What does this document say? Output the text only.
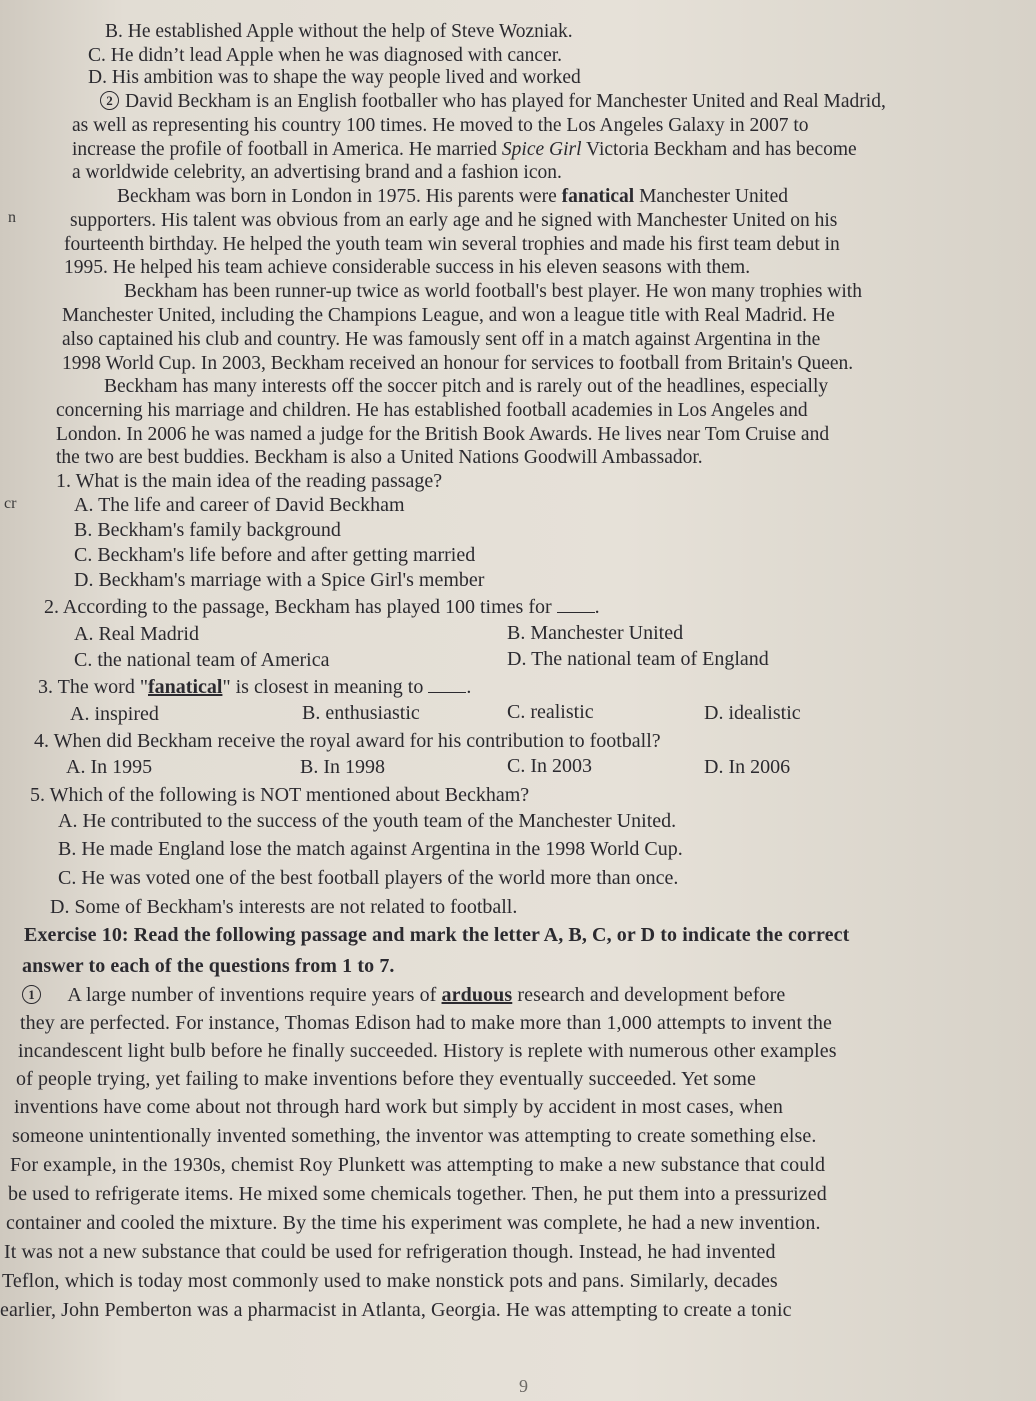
B. He established Apple without the help of Steve Wozniak.
C. He didn’t lead Apple when he was diagnosed with cancer.
D. His ambition was to shape the way people lived and worked
2 David Beckham is an English footballer who has played for Manchester United and Real Madrid,
as well as representing his country 100 times. He moved to the Los Angeles Galaxy in 2007 to
increase the profile of football in America. He married Spice Girl Victoria Beckham and has become
a worldwide celebrity, an advertising brand and a fashion icon.
Beckham was born in London in 1975. His parents were fanatical Manchester United
n	supporters. His talent was obvious from an early age and he signed with Manchester United on his
fourteenth birthday. He helped the youth team win several trophies and made his first team debut in
1995. He helped his team achieve considerable success in his eleven seasons with them.
Beckham has been runner-up twice as world football's best player. He won many trophies with
Manchester United, including the Champions League, and won a league title with Real Madrid. He
also captained his club and country. He was famously sent off in a match against Argentina in the
1998 World Cup. In 2003, Beckham received an honour for services to football from Britain's Queen.
Beckham has many interests off the soccer pitch and is rarely out of the headlines, especially
concerning his marriage and children. He has established football academies in Los Angeles and
London. In 2006 he was named a judge for the British Book Awards. He lives near Tom Cruise and
the two are best buddies. Beckham is also a United Nations Goodwill Ambassador.
1. What is the main idea of the reading passage?
cr	A. The life and career of David Beckham
B. Beckham's family background
C. Beckham's life before and after getting married
D. Beckham's marriage with a Spice Girl's member
2. According to the passage, Beckham has played 100 times for .
A. Real Madrid	B. Manchester United
C. the national team of America	D. The national team of England
3. The word "fanatical" is closest in meaning to .
A. inspired	B. enthusiastic	C. realistic	D. idealistic
4. When did Beckham receive the royal award for his contribution to football?
A. In 1995	B. In 1998	C. In 2003	D. In 2006
5. Which of the following is NOT mentioned about Beckham?
A. He contributed to the success of the youth team of the Manchester United.
B. He made England lose the match against Argentina in the 1998 World Cup.
C. He was voted one of the best football players of the world more than once.
D. Some of Beckham's interests are not related to football.
Exercise 10: Read the following passage and mark the letter A, B, C, or D to indicate the correct
answer to each of the questions from 1 to 7.
1 A large number of inventions require years of arduous research and development before
they are perfected. For instance, Thomas Edison had to make more than 1,000 attempts to invent the
incandescent light bulb before he finally succeeded. History is replete with numerous other examples
of people trying, yet failing to make inventions before they eventually succeeded. Yet some
inventions have come about not through hard work but simply by accident in most cases, when
someone unintentionally invented something, the inventor was attempting to create something else.
For example, in the 1930s, chemist Roy Plunkett was attempting to make a new substance that could
be used to refrigerate items. He mixed some chemicals together. Then, he put them into a pressurized
container and cooled the mixture. By the time his experiment was complete, he had a new invention.
It was not a new substance that could be used for refrigeration though. Instead, he had invented
Teflon, which is today most commonly used to make nonstick pots and pans. Similarly, decades
earlier, John Pemberton was a pharmacist in Atlanta, Georgia. He was attempting to create a tonic
9
